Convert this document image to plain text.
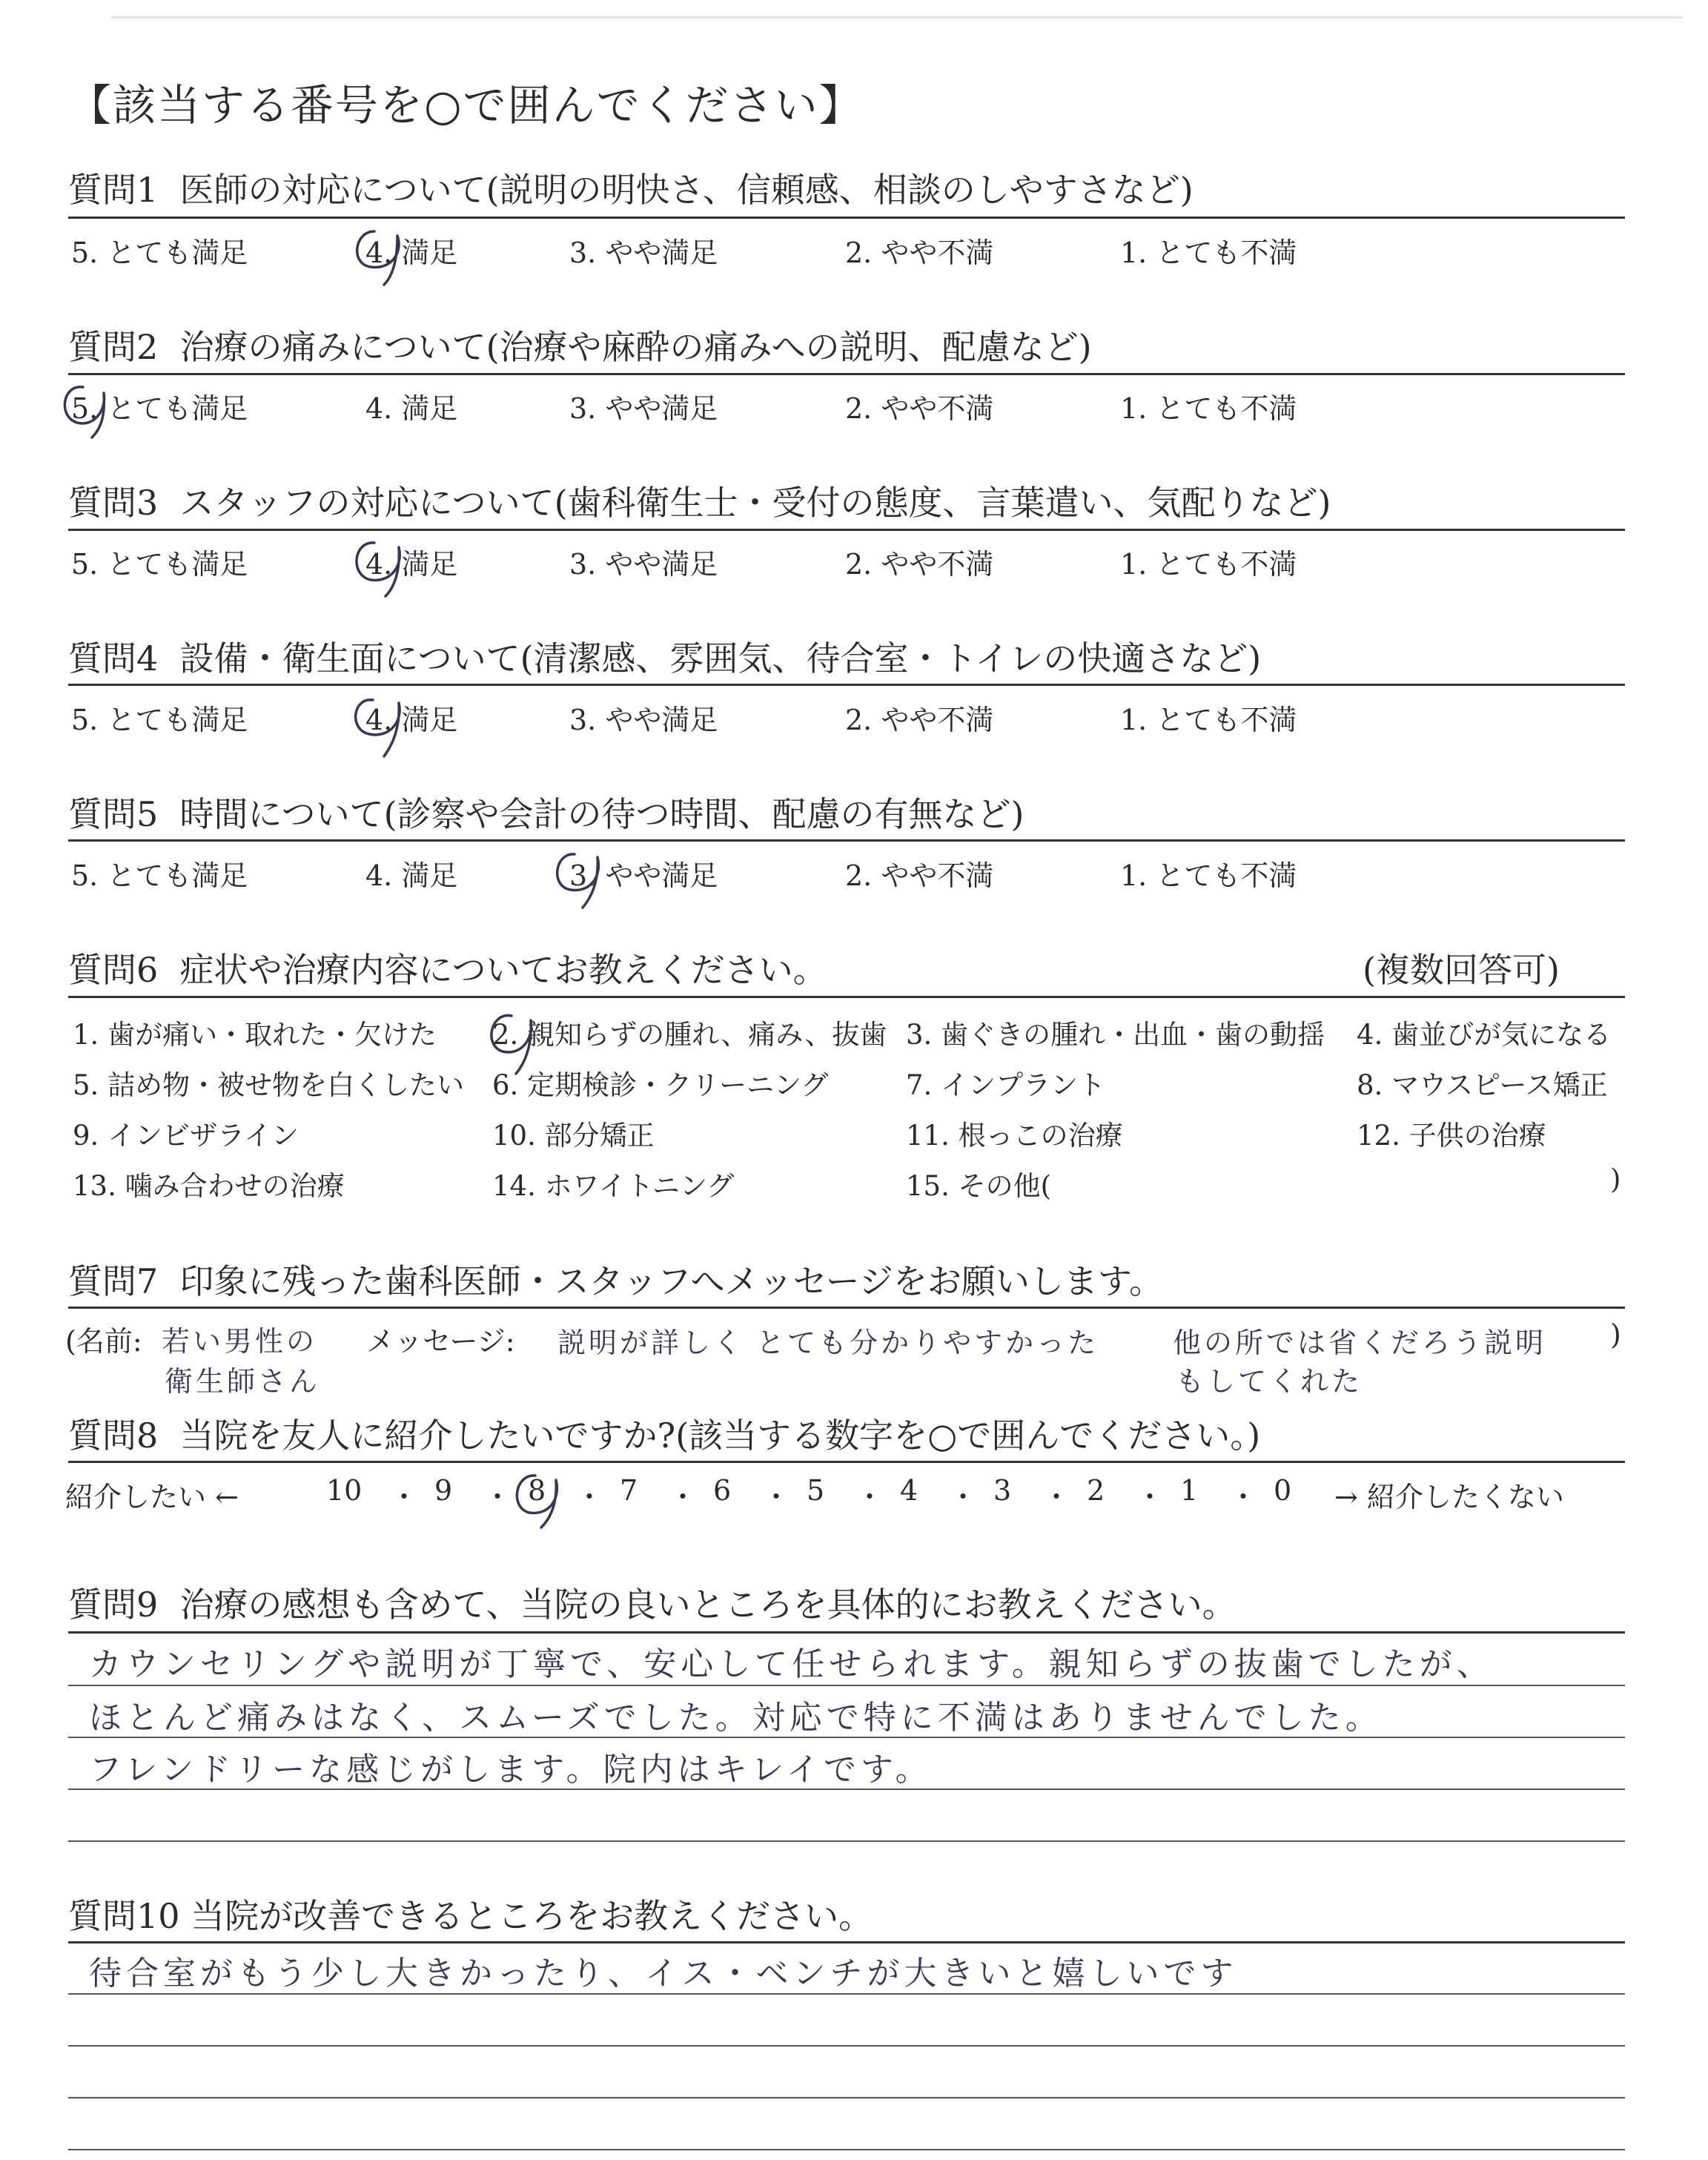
【該当する番号を○で囲んでください】
質問1 医師の対応について(説明の明快さ、信頼感、相談のしやすさなど)
5. とても満足	4. 満足	3. やや満足	2. やや不満	1. とても不満
質問2 治療の痛みについて(治療や麻酔の痛みへの説明、配慮など)
5. とても満足	4. 満足	3. やや満足	2. やや不満	1. とても不満
質問3 スタッフの対応について(歯科衛生士・受付の態度、言葉遣い、気配りなど)
5. とても満足	4. 満足	3. やや満足	2. やや不満	1. とても不満
質問4 設備・衛生面について(清潔感、雰囲気、待合室・トイレの快適さなど)
5. とても満足	4. 満足	3. やや満足	2. やや不満	1. とても不満
質問5 時間について(診察や会計の待つ時間、配慮の有無など)
5. とても満足	4. 満足	3. やや満足	2. やや不満	1. とても不満
質問6 症状や治療内容についてお教えください。	(複数回答可)
1. 歯が痛い・取れた・欠けた 2. 親知らずの腫れ、痛み、抜歯 3. 歯ぐきの腫れ・出血・歯の動揺 4. 歯並びが気になる
5. 詰め物・被せ物を白くしたい 6. 定期検診・クリーニング	7. インプラント	8. マウスピース矯正
9. インビザライン	10. 部分矯正	11. 根っこの治療	12. 子供の治療
13. 噛み合わせの治療	14. ホワイトニング	15. その他(	)
質問7 印象に残った歯科医師・スタッフへメッセージをお願いします。
(名前: 若い男性の
衛生師さん
メッセージ: 説明が詳しく とても分かりやすかった	他の所では省くだろう説明
もしてくれた
)
質問8 当院を友人に紹介したいですか?(該当する数字を○で囲んでください。)
紹介したい ←	10 ・ 9 ・ 8 ・ 7 ・ 6 ・ 5 ・ 4 ・ 3 ・ 2 ・ 1 ・ 0 → 紹介したくない
質問9 治療の感想も含めて、当院の良いところを具体的にお教えください。
カウンセリングや説明が丁寧で、安心して任せられます。親知らずの抜歯でしたが、
ほとんど痛みはなく、スムーズでした。対応で特に不満はありませんでした。
フレンドリーな感じがします。院内はキレイです。
質問10 当院が改善できるところをお教えください。
待合室がもう少し大きかったり、イス・ベンチが大きいと嬉しいです
